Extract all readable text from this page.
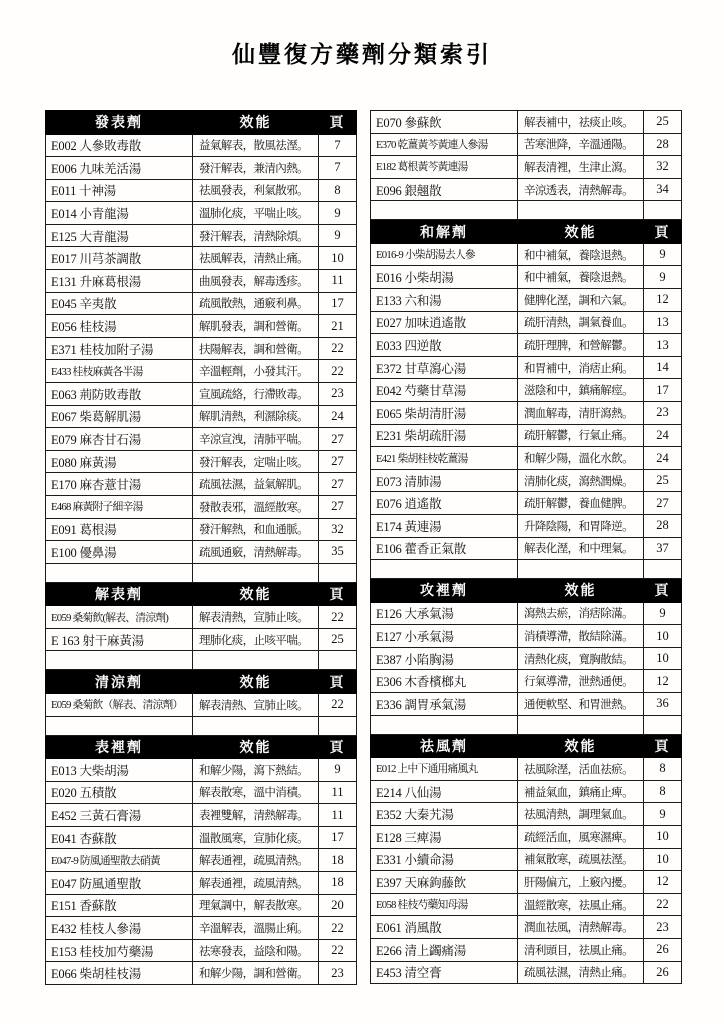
仙豐復方藥劑分類索引
發表劑	效能	頁
E002 人參敗毒散	益氣解表，散風祛溼。	7
E006 九味羌活湯	發汗解表，兼清內熱。	7
E011 十神湯	祛風發表，利氣散邪。	8
E014 小青龍湯	溫肺化痰，平喘止咳。	9
E125 大青龍湯	發汗解表，清熱除煩。	9
E017 川芎茶調散	祛風解表，清熱止痛。	10
E131 升麻葛根湯	曲風發表，解毒透疹。	11
E045 辛夷散	疏風散熱，通竅利鼻。	17
E056 桂枝湯	解肌發表，調和營衛。	21
E371 桂枝加附子湯	扶陽解表，調和營衛。	22
E433 桂枝麻黃各半湯	辛溫輕劑，小發其汗。	22
E063 荊防敗毒散	宣風疏絡，行滯敗毒。	23
E067 柴葛解肌湯	解肌清熱，利濕除痰。	24
E079 麻杏甘石湯	辛涼宣洩，清肺平喘。	27
E080 麻黃湯	發汗解表，定喘止咳。	27
E170 麻杏薏甘湯	疏風祛濕，益氣解肌。	27
E468 麻黃附子細辛湯	發散表邪，溫經散寒。	27
E091 葛根湯	發汗解熱，和血通脈。	32
E100 優鼻湯	疏風通竅，清熱解毒。	35

解表劑	效能	頁
E059 桑菊飲(解表、清涼劑)	解表清熱，宣肺止咳。	22
E 163 射干麻黃湯	理肺化痰，止咳平喘。	25

清涼劑	效能	頁
E059 桑菊飲（解表、清涼劑）	解表清熱、宣肺止咳。	22

表裡劑	效能	頁
E013 大柴胡湯	和解少陽，瀉下熱結。	9
E020 五積散	解表散寒，溫中消積。	11
E452 三黃石膏湯	表裡雙解，清熱解毒。	11
E041 杏蘇散	溫散風寒，宣肺化痰。	17
E047-9 防風通聖散去硝黃	解表通裡，疏風清熱。	18
E047 防風通聖散	解表通裡，疏風清熱。	18
E151 香蘇散	理氣調中，解表散寒。	20
E432 桂枝人參湯	辛溫解表，溫腸止痢。	22
E153 桂枝加芍藥湯	祛寒發表，益陰和陽。	22
E066 柴胡桂枝湯	和解少陽，調和營衛。	23
E070 參蘇飲	解表補中，祛痰止咳。	25
E370 乾薑黃芩黃連人參湯	苦寒泄降，辛溫通陽。	28
E182 葛根黃芩黃連湯	解表清裡，生津止瀉。	32
E096 銀翹散	辛涼透表，清熱解毒。	34

和解劑	效能	頁
E016-9 小柴胡湯去人參	和中補氣，養陰退熱。	9
E016 小柴胡湯	和中補氣，養陰退熱。	9
E133 六和湯	健脾化溼，調和六氣。	12
E027 加味逍遙散	疏肝清熱，調氣養血。	13
E033 四逆散	疏肝理脾，和營解鬱。	13
E372 甘草瀉心湯	和胃補中，消痞止痢。	14
E042 芍藥甘草湯	滋陰和中，鎮痛解痙。	17
E065 柴胡清肝湯	潤血解毒，清肝瀉熱。	23
E231 柴胡疏肝湯	疏肝解鬱，行氣止痛。	24
E421 柴胡桂枝乾薑湯	和解少陽，溫化水飲。	24
E073 清肺湯	清肺化痰，瀉熱潤燥。	25
E076 逍遙散	疏肝解鬱，養血健脾。	27
E174 黃連湯	升降陰陽，和胃降逆。	28
E106 藿香正氣散	解表化溼，和中理氣。	37

攻裡劑	效能	頁
E126 大承氣湯	瀉熱去瘀，消痞除滿。	9
E127 小承氣湯	消積導滯，散結除滿。	10
E387 小陷胸湯	清熱化痰，寬胸散結。	10
E306 木香檳榔丸	行氣導滯，泄熱通便。	12
E336 調胃承氣湯	通便軟堅、和胃泄熱。	36

祛風劑	效能	頁
E012 上中下通用痛風丸	祛風除溼，活血祛瘀。	8
E214 八仙湯	補益氣血，鎮痛止痺。	8
E352 大秦艽湯	祛風清熱，調理氣血。	9
E128 三痺湯	疏經活血，風寒濕痺。	10
E331 小續命湯	補氣散寒，疏風祛溼。	10
E397 天麻鉤藤飲	肝陽偏亢，上竅內擾。	12
E058 桂枝芍藥知母湯	溫經散寒，祛風止痛。	22
E061 消風散	潤血祛風，清熱解毒。	23
E266 清上蠲痛湯	清利頭目，祛風止痛。	26
E453 清空膏	疏風祛濕，清熱止痛。	26
